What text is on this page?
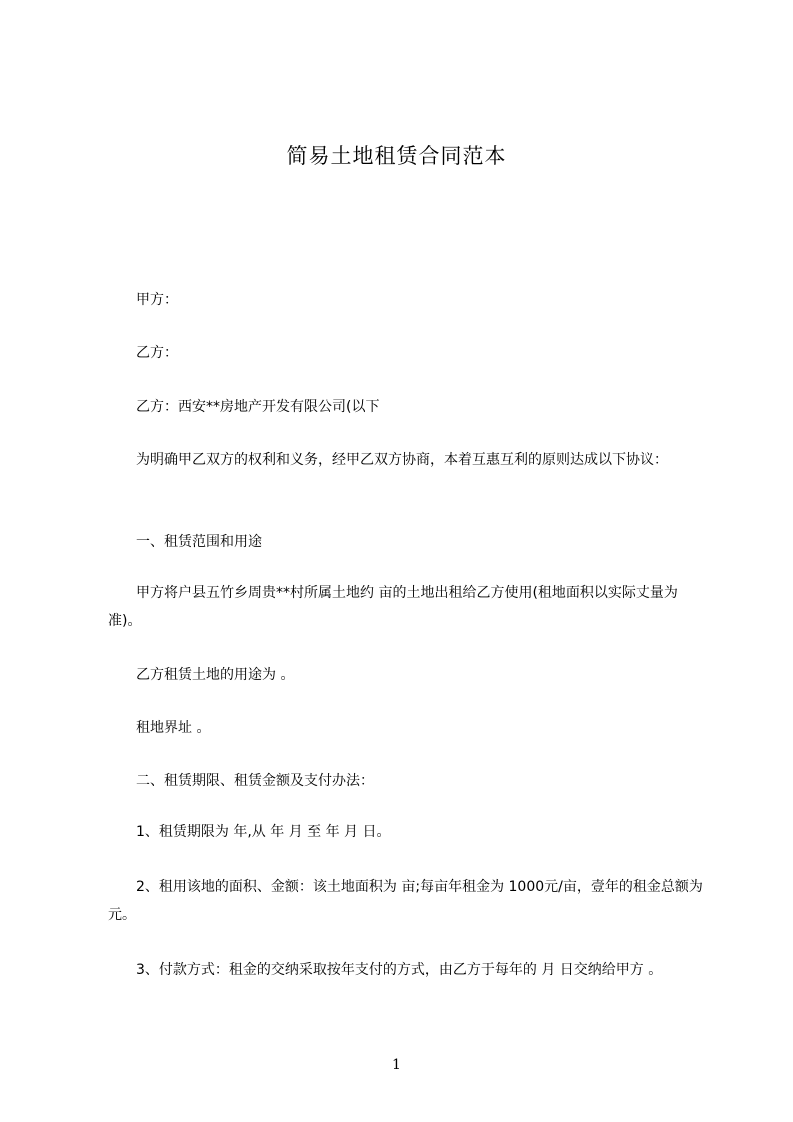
简易土地租赁合同范本
甲方：
乙方：
乙方：西安**房地产开发有限公司(以下
为明确甲乙双方的权利和义务，经甲乙双方协商，本着互惠互利的原则达成以下协议：
一、租赁范围和用途
甲方将户县五竹乡周贵**村所属土地约 亩的土地出租给乙方使用(租地面积以实际丈量为准)。
乙方租赁土地的用途为 。
租地界址 。
二、租赁期限、租赁金额及支付办法：
1、租赁期限为 年,从 年 月 至 年 月 日。
2、租用该地的面积、金额：该土地面积为 亩;每亩年租金为 1000元/亩，壹年的租金总额为 元。
3、付款方式：租金的交纳采取按年支付的方式，由乙方于每年的 月 日交纳给甲方 。
1
